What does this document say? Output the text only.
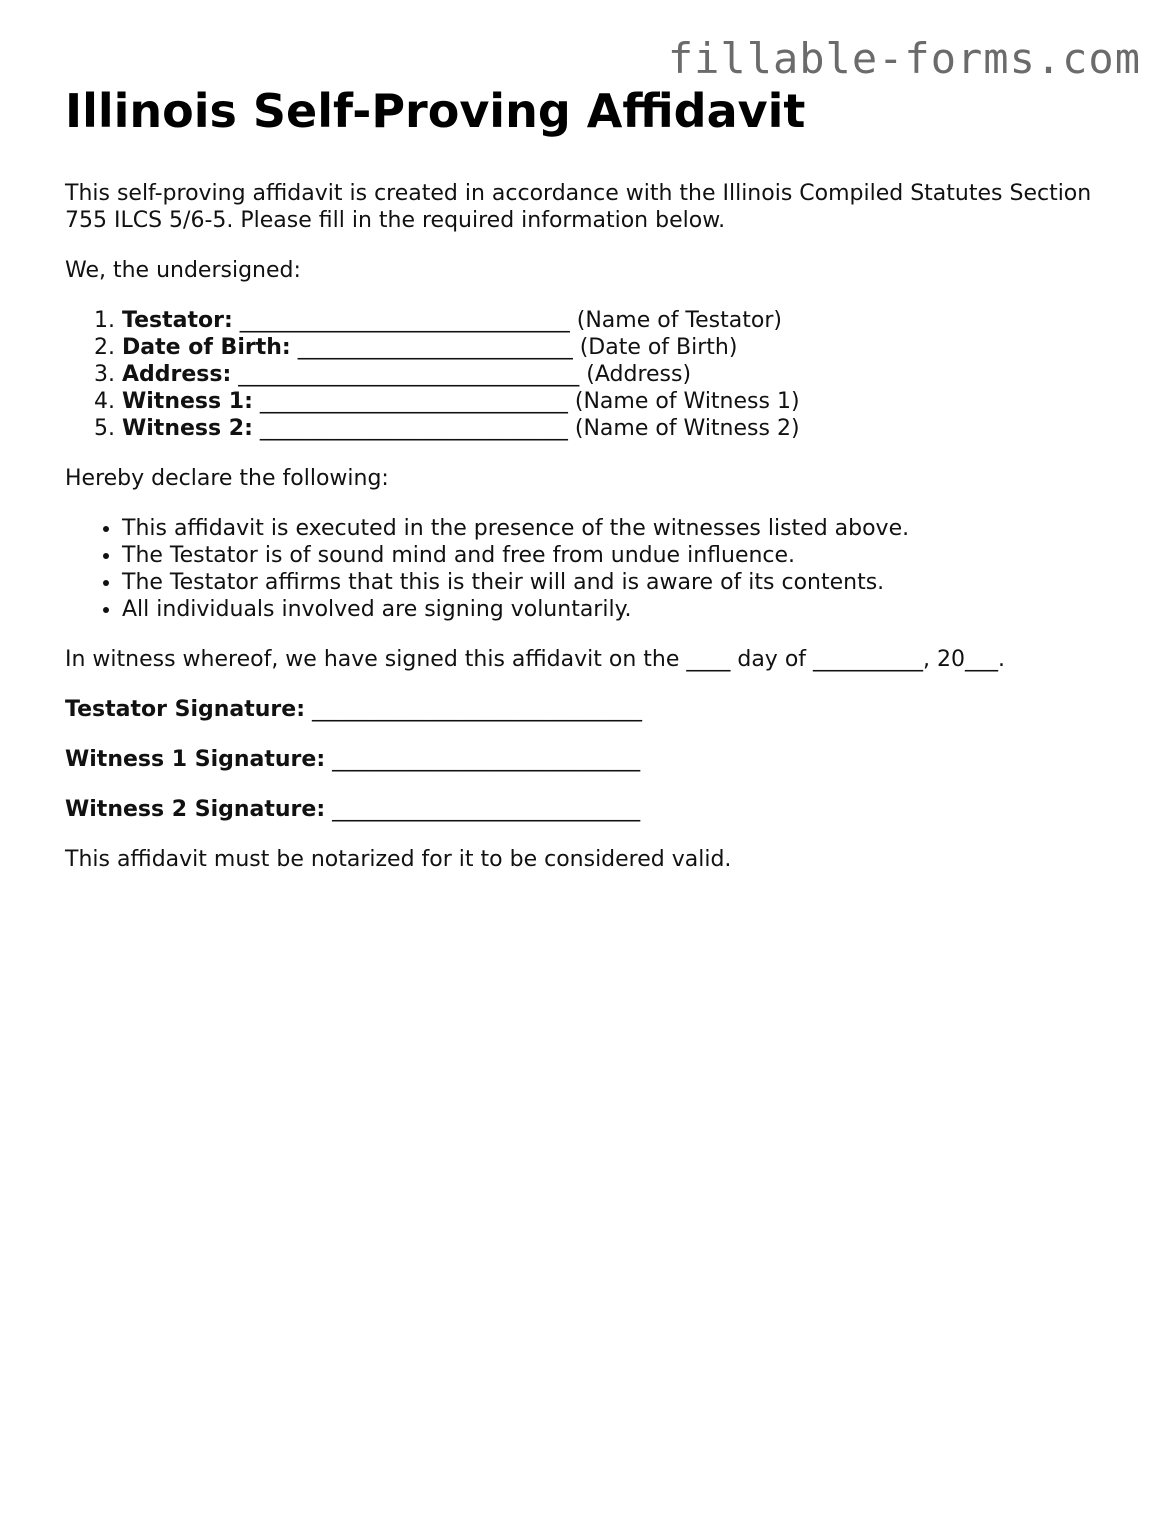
fillable-forms.com
Illinois Self-Proving Affidavit

This self-proving affidavit is created in accordance with the Illinois Compiled Statutes Section 755 ILCS 5/6-5. Please fill in the required information below.

We, the undersigned:

1. Testator: ______________________________ (Name of Testator)
2. Date of Birth: _________________________ (Date of Birth)
3. Address: _______________________________ (Address)
4. Witness 1: ____________________________ (Name of Witness 1)
5. Witness 2: ____________________________ (Name of Witness 2)

Hereby declare the following:

• This affidavit is executed in the presence of the witnesses listed above.
• The Testator is of sound mind and free from undue influence.
• The Testator affirms that this is their will and is aware of its contents.
• All individuals involved are signing voluntarily.

In witness whereof, we have signed this affidavit on the ____ day of __________, 20___.

Testator Signature: ______________________________

Witness 1 Signature: ____________________________

Witness 2 Signature: ____________________________

This affidavit must be notarized for it to be considered valid.
